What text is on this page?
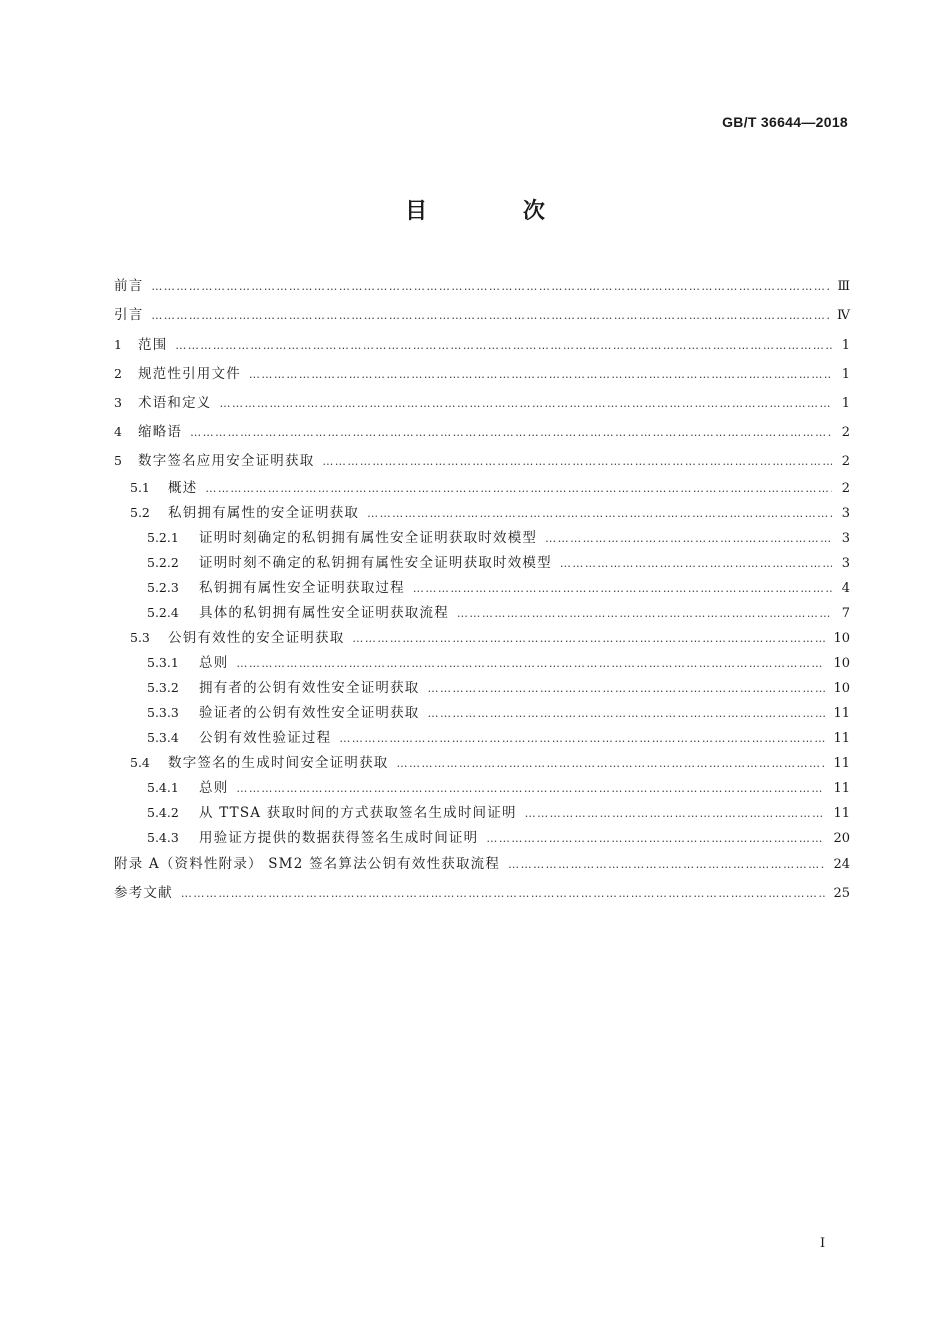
GB/T 36644—2018
目 次
前言 ……………………………………………………………………………………………………………………………………………………………………………………………………………………………………………	Ⅲ
引言 ……………………………………………………………………………………………………………………………………………………………………………………………………………………………………………	Ⅳ
1	范围 ……………………………………………………………………………………………………………………………………………………………………………………………………………………………………………	1
2	规范性引用文件 ……………………………………………………………………………………………………………………………………………………………………………………………………………………………………………	1
3	术语和定义 ……………………………………………………………………………………………………………………………………………………………………………………………………………………………………………	1
4	缩略语 ……………………………………………………………………………………………………………………………………………………………………………………………………………………………………………	2
5	数字签名应用安全证明获取 ……………………………………………………………………………………………………………………………………………………………………………………………………………………………………………	2
5.1	概述 ……………………………………………………………………………………………………………………………………………………………………………………………………………………………………………	2
5.2	私钥拥有属性的安全证明获取 ……………………………………………………………………………………………………………………………………………………………………………………………………………………………………………	3
5.2.1	证明时刻确定的私钥拥有属性安全证明获取时效模型 ……………………………………………………………………………………………………………………………………………………………………………………………………………………………………………	3
5.2.2	证明时刻不确定的私钥拥有属性安全证明获取时效模型 ……………………………………………………………………………………………………………………………………………………………………………………………………………………………………………	3
5.2.3	私钥拥有属性安全证明获取过程 ……………………………………………………………………………………………………………………………………………………………………………………………………………………………………………	4
5.2.4	具体的私钥拥有属性安全证明获取流程 ……………………………………………………………………………………………………………………………………………………………………………………………………………………………………………	7
5.3	公钥有效性的安全证明获取 ……………………………………………………………………………………………………………………………………………………………………………………………………………………………………………	10
5.3.1	总则 ……………………………………………………………………………………………………………………………………………………………………………………………………………………………………………	10
5.3.2	拥有者的公钥有效性安全证明获取 ……………………………………………………………………………………………………………………………………………………………………………………………………………………………………………	10
5.3.3	验证者的公钥有效性安全证明获取 ……………………………………………………………………………………………………………………………………………………………………………………………………………………………………………	11
5.3.4	公钥有效性验证过程 ……………………………………………………………………………………………………………………………………………………………………………………………………………………………………………	11
5.4	数字签名的生成时间安全证明获取 ……………………………………………………………………………………………………………………………………………………………………………………………………………………………………………	11
5.4.1	总则 ……………………………………………………………………………………………………………………………………………………………………………………………………………………………………………	11
5.4.2	从 TTSA 获取时间的方式获取签名生成时间证明 ……………………………………………………………………………………………………………………………………………………………………………………………………………………………………………	11
5.4.3	用验证方提供的数据获得签名生成时间证明 ……………………………………………………………………………………………………………………………………………………………………………………………………………………………………………	20
附录 A（资料性附录） SM2 签名算法公钥有效性获取流程 ……………………………………………………………………………………………………………………………………………………………………………………………………………………………………………	24
参考文献 ……………………………………………………………………………………………………………………………………………………………………………………………………………………………………………	25
I
